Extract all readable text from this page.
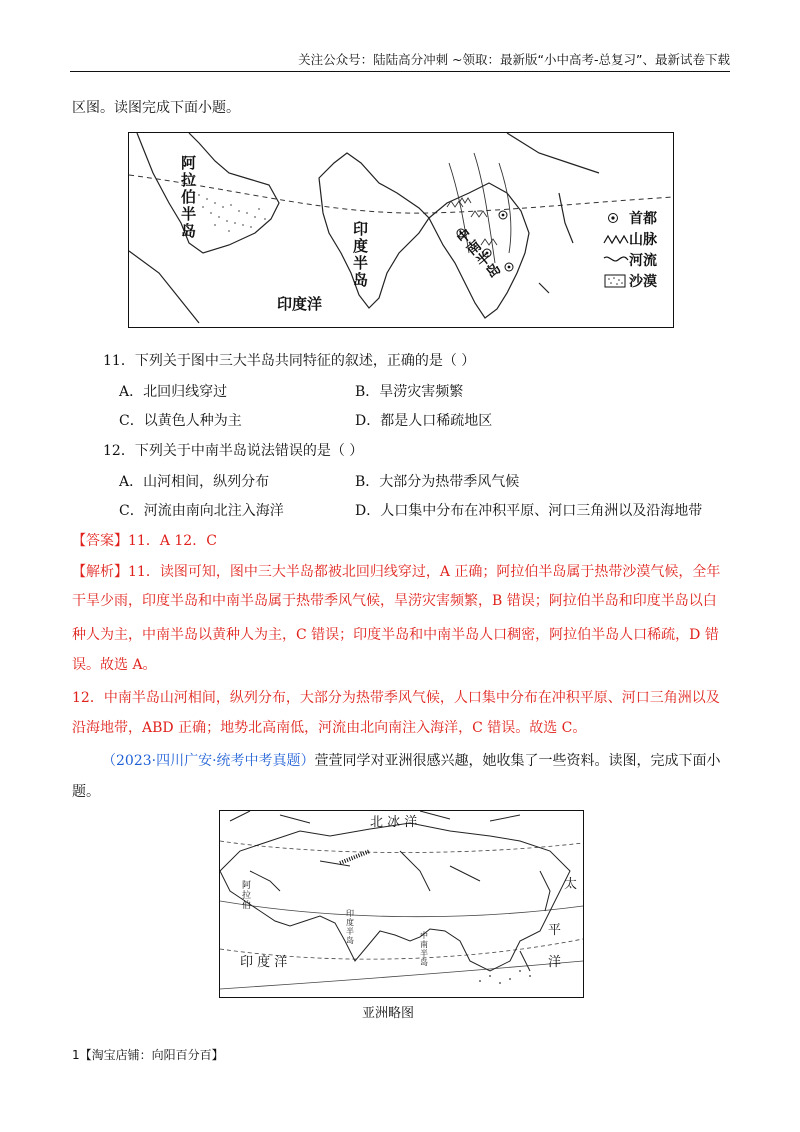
关注公众号：陆陆高分冲刺 ~领取：最新版“小中高考-总复习”、最新试卷下载
区图。读图完成下面小题。
阿拉伯半岛	印度半岛
中南半岛
印度洋
首都
山脉
河流
沙漠
11．下列关于图中三大半岛共同特征的叙述，正确的是（ ）
A．北回归线穿过	B．旱涝灾害频繁
C．以黄色人种为主	D．都是人口稀疏地区
12．下列关于中南半岛说法错误的是（ ）
A．山河相间，纵列分布	B．大部分为热带季风气候
C．河流由南向北注入海洋	D．人口集中分布在冲积平原、河口三角洲以及沿海地带
【答案】11．A 12．C
【解析】11．读图可知，图中三大半岛都被北回归线穿过，A 正确；阿拉伯半岛属于热带沙漠气候，全年
干旱少雨，印度半岛和中南半岛属于热带季风气候，旱涝灾害频繁，B 错误；阿拉伯半岛和印度半岛以白
种人为主，中南半岛以黄种人为主，C 错误；印度半岛和中南半岛人口稠密，阿拉伯半岛人口稀疏，D 错
误。故选 A。
12．中南半岛山河相间，纵列分布，大部分为热带季风气候，人口集中分布在冲积平原、河口三角洲以及
沿海地带，ABD 正确；地势北高南低，河流由北向南注入海洋，C 错误。故选 C。
（2023·四川广安·统考中考真题）萱萱同学对亚洲很感兴趣，她收集了一些资料。读图，完成下面小
题。
北 冰 洋
太
平
洋
印 度 洋
阿拉伯
印度半岛
中南半岛
亚洲略图
1【淘宝店铺：向阳百分百】
